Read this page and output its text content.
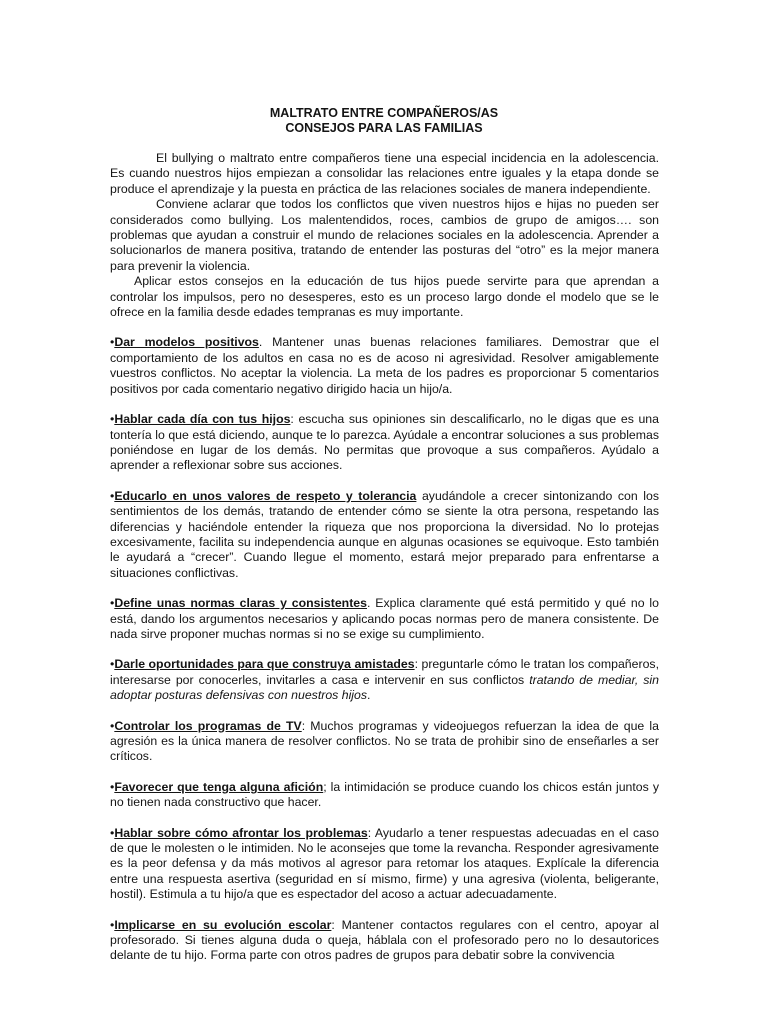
MALTRATO ENTRE COMPAÑEROS/AS
CONSEJOS PARA LAS FAMILIAS

El bullying o maltrato entre compañeros tiene una especial incidencia en la adolescencia. Es cuando nuestros hijos empiezan a consolidar las relaciones entre iguales y la etapa donde se produce el aprendizaje y la puesta en práctica de las relaciones sociales de manera independiente.

Conviene aclarar que todos los conflictos que viven nuestros hijos e hijas no pueden ser considerados como bullying. Los malentendidos, roces, cambios de grupo de amigos…. son problemas que ayudan a construir el mundo de relaciones sociales en la adolescencia. Aprender a solucionarlos de manera positiva, tratando de entender las posturas del “otro” es la mejor manera para prevenir la violencia.

Aplicar estos consejos en la educación de tus hijos puede servirte para que aprendan a controlar los impulsos, pero no desesperes, esto es un proceso largo donde el modelo que se le ofrece en la familia desde edades tempranas es muy importante.

•Dar modelos positivos. Mantener unas buenas relaciones familiares. Demostrar que el comportamiento de los adultos en casa no es de acoso ni agresividad. Resolver amigablemente vuestros conflictos. No aceptar la violencia. La meta de los padres es proporcionar 5 comentarios positivos por cada comentario negativo dirigido hacia un hijo/a.

•Hablar cada día con tus hijos: escucha sus opiniones sin descalificarlo, no le digas que es una tontería lo que está diciendo, aunque te lo parezca. Ayúdale a encontrar soluciones a sus problemas poniéndose en lugar de los demás. No permitas que provoque a sus compañeros. Ayúdalo a aprender a reflexionar sobre sus acciones.

•Educarlo en unos valores de respeto y tolerancia ayudándole a crecer sintonizando con los sentimientos de los demás, tratando de entender cómo se siente la otra persona, respetando las diferencias y haciéndole entender la riqueza que nos proporciona la diversidad. No lo protejas excesivamente, facilita su independencia aunque en algunas ocasiones se equivoque. Esto también le ayudará a “crecer”. Cuando llegue el momento, estará mejor preparado para enfrentarse a situaciones conflictivas.

•Define unas normas claras y consistentes. Explica claramente qué está permitido y qué no lo está, dando los argumentos necesarios y aplicando pocas normas pero de manera consistente. De nada sirve proponer muchas normas si no se exige su cumplimiento.

•Darle oportunidades para que construya amistades: preguntarle cómo le tratan los compañeros, interesarse por conocerles, invitarles a casa e intervenir en sus conflictos tratando de mediar, sin adoptar posturas defensivas con nuestros hijos.

•Controlar los programas de TV: Muchos programas y videojuegos refuerzan la idea de que la agresión es la única manera de resolver conflictos. No se trata de prohibir sino de enseñarles a ser críticos.

•Favorecer que tenga alguna afición; la intimidación se produce cuando los chicos están juntos y no tienen nada constructivo que hacer.

•Hablar sobre cómo afrontar los problemas: Ayudarlo a tener respuestas adecuadas en el caso de que le molesten o le intimiden. No le aconsejes que tome la revancha. Responder agresivamente es la peor defensa y da más motivos al agresor para retomar los ataques. Explícale la diferencia entre una respuesta asertiva (seguridad en sí mismo, firme) y una agresiva (violenta, beligerante, hostil). Estimula a tu hijo/a que es espectador del acoso a actuar adecuadamente.

•Implicarse en su evolución escolar: Mantener contactos regulares con el centro, apoyar al profesorado. Si tienes alguna duda o queja, háblala con el profesorado pero no lo desautorices delante de tu hijo. Forma parte con otros padres de grupos para debatir sobre la convivencia
